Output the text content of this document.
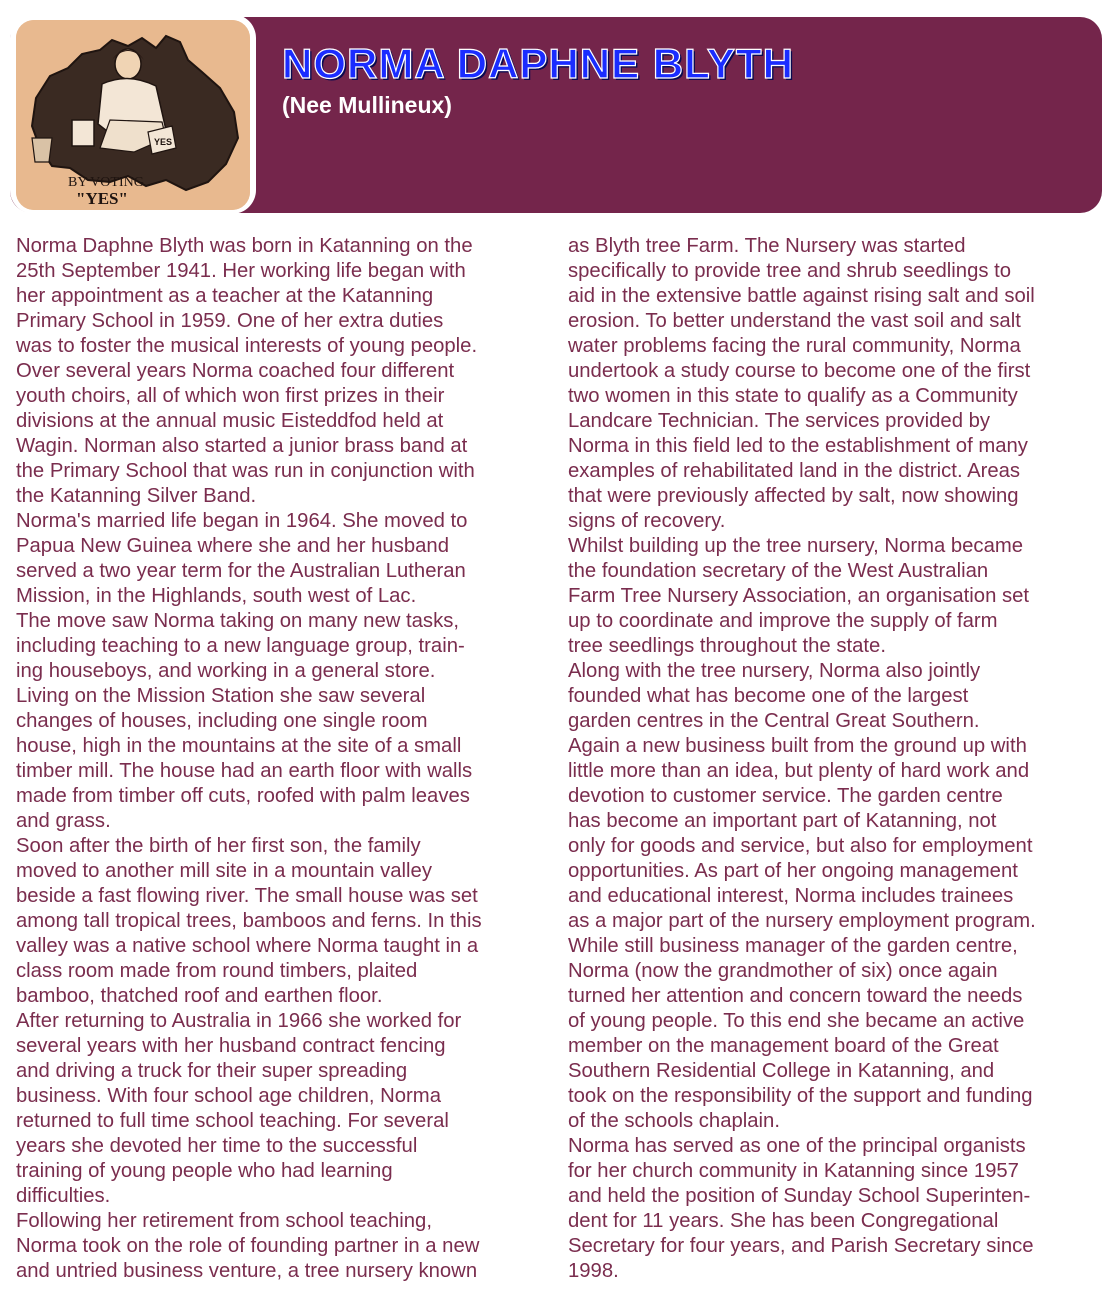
YES
BY VOTING
"YES"
NORMA DAPHNE BLYTH
(Nee Mullineux)
Norma Daphne Blyth was born in Katanning on the
25th September 1941. Her working life began with
her appointment as a teacher at the Katanning
Primary School in 1959. One of her extra duties
was to foster the musical interests of young people.
Over several years Norma coached four different
youth choirs, all of which won first prizes in their
divisions at the annual music Eisteddfod held at
Wagin. Norman also started a junior brass band at
the Primary School that was run in conjunction with
the Katanning Silver Band.
Norma's married life began in 1964. She moved to
Papua New Guinea where she and her husband
served a two year term for the Australian Lutheran
Mission, in the Highlands, south west of Lac.
The move saw Norma taking on many new tasks,
including teaching to a new language group, train-
ing houseboys, and working in a general store.
Living on the Mission Station she saw several
changes of houses, including one single room
house, high in the mountains at the site of a small
timber mill. The house had an earth floor with walls
made from timber off cuts, roofed with palm leaves
and grass.
Soon after the birth of her first son, the family
moved to another mill site in a mountain valley
beside a fast flowing river. The small house was set
among tall tropical trees, bamboos and ferns. In this
valley was a native school where Norma taught in a
class room made from round timbers, plaited
bamboo, thatched roof and earthen floor.
After returning to Australia in 1966 she worked for
several years with her husband contract fencing
and driving a truck for their super spreading
business. With four school age children, Norma
returned to full time school teaching. For several
years she devoted her time to the successful
training of young people who had learning
difficulties.
Following her retirement from school teaching,
Norma took on the role of founding partner in a new
and untried business venture, a tree nursery known
as Blyth tree Farm. The Nursery was started
specifically to provide tree and shrub seedlings to
aid in the extensive battle against rising salt and soil
erosion. To better understand the vast soil and salt
water problems facing the rural community, Norma
undertook a study course to become one of the first
two women in this state to qualify as a Community
Landcare Technician. The services provided by
Norma in this field led to the establishment of many
examples of rehabilitated land in the district. Areas
that were previously affected by salt, now showing
signs of recovery.
Whilst building up the tree nursery, Norma became
the foundation secretary of the West Australian
Farm Tree Nursery Association, an organisation set
up to coordinate and improve the supply of farm
tree seedlings throughout the state.
Along with the tree nursery, Norma also jointly
founded what has become one of the largest
garden centres in the Central Great Southern.
Again a new business built from the ground up with
little more than an idea, but plenty of hard work and
devotion to customer service. The garden centre
has become an important part of Katanning, not
only for goods and service, but also for employment
opportunities. As part of her ongoing management
and educational interest, Norma includes trainees
as a major part of the nursery employment program.
While still business manager of the garden centre,
Norma (now the grandmother of six) once again
turned her attention and concern toward the needs
of young people. To this end she became an active
member on the management board of the Great
Southern Residential College in Katanning, and
took on the responsibility of the support and funding
of the schools chaplain.
Norma has served as one of the principal organists
for her church community in Katanning since 1957
and held the position of Sunday School Superinten-
dent for 11 years. She has been Congregational
Secretary for four years, and Parish Secretary since
1998.
